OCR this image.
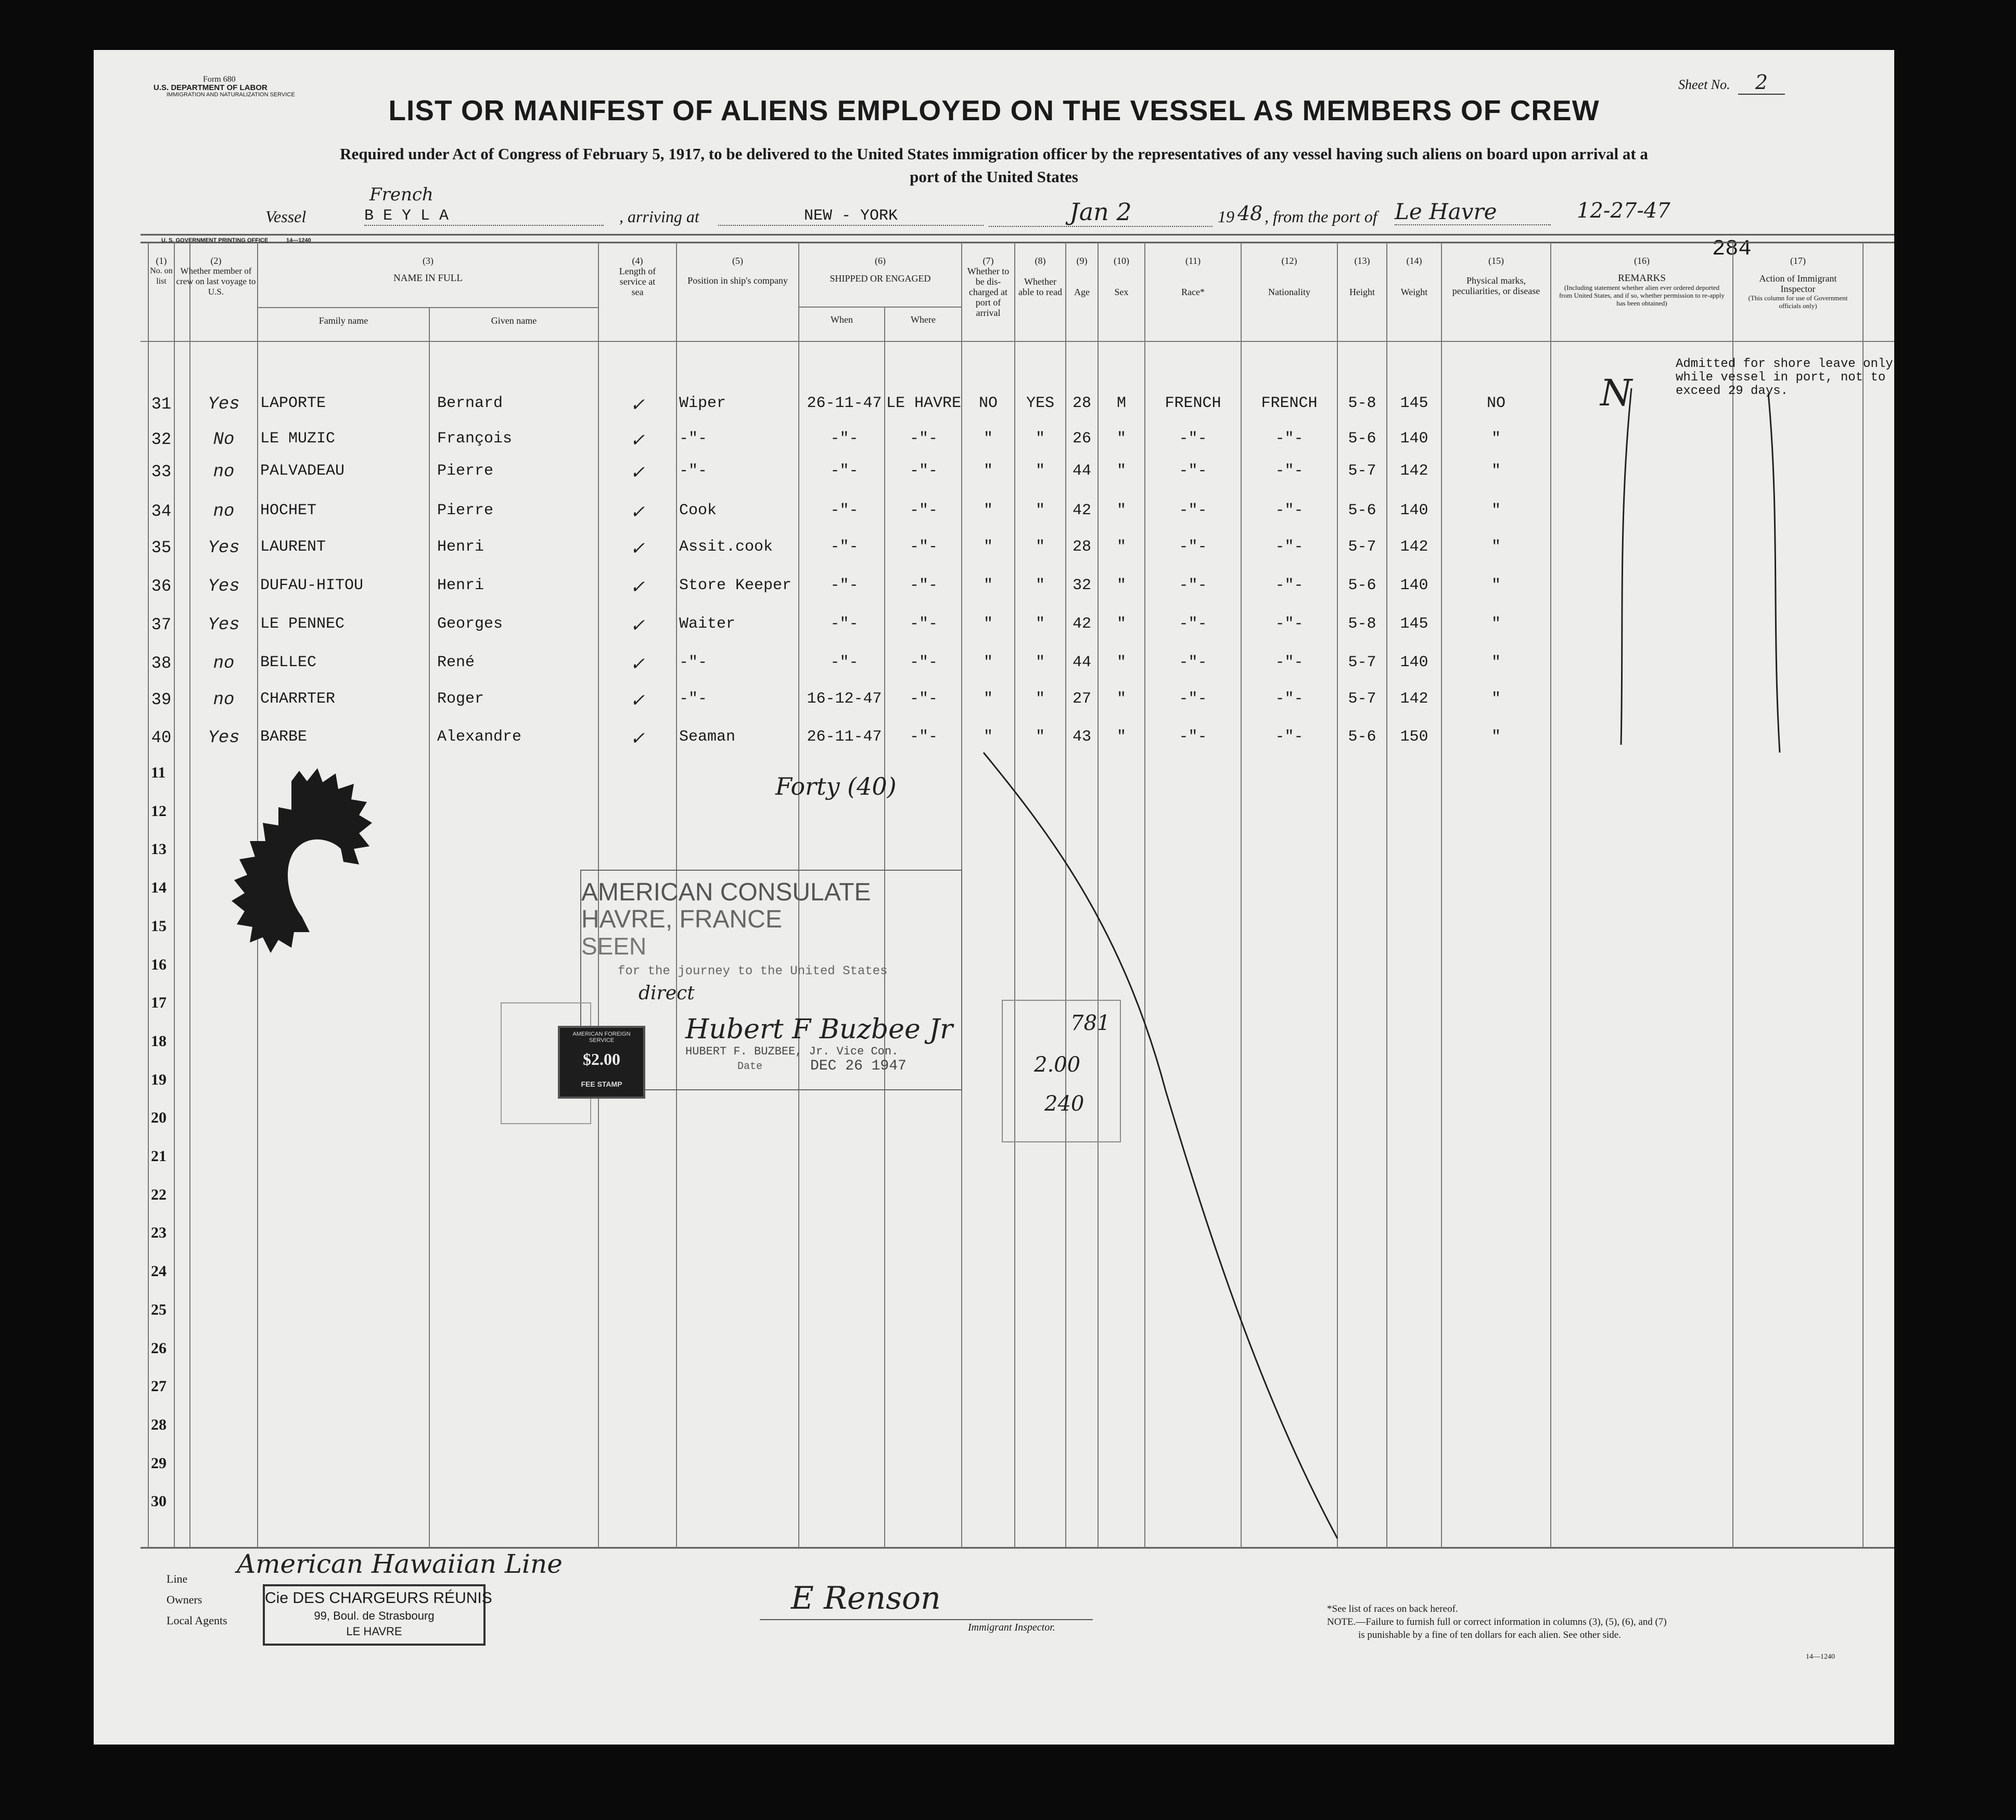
Form 680
U.S. DEPARTMENT OF LABOR
IMMIGRATION AND NATURALIZATION SERVICE
Sheet No.	2
LIST OR MANIFEST OF ALIENS EMPLOYED ON THE VESSEL AS MEMBERS OF CREW
Required under Act of Congress of February 5, 1917, to be delivered to the United States immigration officer by the representatives of any vessel having such aliens on board upon arrival at a
port of the United States
Vessel
French
B E Y L A	, arriving at	NEW - YORK	Jan 2	19 48 , from the port of Le Havre	12-27-47
284
U. S. GOVERNMENT PRINTING OFFICE	14—1240
(1)
No. on list
(2)
Whether member of crew on last voyage to U.S.
(3)
NAME IN FULL
Family name	Given name
(4)
Length of service at sea
(5)
Position in ship's company
(6)
SHIPPED OR ENGAGED
When	Where
(7)
Whether to be dis-charged at port of arrival
(8)
Whether able to read
(9)
Age
(10)
Sex
(11)
Race*
(12)
Nationality
(13)
Height
(14)
Weight
(15)
Physical marks, peculiarities, or disease
(16)
REMARKS
(Including statement whether alien ever ordered deported from United States, and if so, whether permission to re-apply has been obtained)
(17)
Action of Immigrant Inspector
(This column for use of Government officials only)
31	Yes	LAPORTE	Bernard	✓	Wiper	26-11-47 LE HAVRE	NO	YES	28	M	FRENCH	FRENCH	5-8	145	NO
32	No	LE MUZIC	François	✓	-"-	-"-	-"-	"	"	26	"	-"-	-"-	5-6	140	"
33	no	PALVADEAU	Pierre	✓	-"-	-"-	-"-	"	"	44	"	-"-	-"-	5-7	142	"
34	no	HOCHET	Pierre	✓	Cook	-"-	-"-	"	"	42	"	-"-	-"-	5-6	140	"
35	Yes	LAURENT	Henri	✓	Assit.cook	-"-	-"-	"	"	28	"	-"-	-"-	5-7	142	"
36	Yes	DUFAU-HITOU	Henri	✓	Store Keeper	-"-	-"-	"	"	32	"	-"-	-"-	5-6	140	"
37	Yes	LE PENNEC	Georges	✓	Waiter	-"-	-"-	"	"	42	"	-"-	-"-	5-8	145	"
38	no	BELLEC	René	✓	-"-	-"-	-"-	"	"	44	"	-"-	-"-	5-7	140	"
39	no	CHARRTER	Roger	✓	-"-	16-12-47	-"-	"	"	27	"	-"-	-"-	5-7	142	"
40	Yes	BARBE	Alexandre	✓	Seaman	26-11-47	-"-	"	"	43	"	-"-	-"-	5-6	150	"
11
12
13
14
15
16
17
18
19
20
21
22
23
24
25
26
27
28
29
30
N
Admitted for shore leave only
while vessel in port, not to
exceed 29 days.
Forty (40)
AMERICAN CONSULATE
HAVRE, FRANCE
SEEN
for the journey to the United States
direct
Hubert F Buzbee Jr
HUBERT F. BUZBEE, Jr. Vice Con.
Date	DEC 26 1947
AMERICAN FOREIGN SERVICE
$2.00
FEE STAMP
781
2.00
240
Line American Hawaiian Line
Owners
Local Agents
Cie DES CHARGEURS RÉUNIS
99, Boul. de Strasbourg
LE HAVRE
E Renson
Immigrant Inspector.
*See list of races on back hereof.
NOTE.—Failure to furnish full or correct information in columns (3), (5), (6), and (7)
is punishable by a fine of ten dollars for each alien. See other side.
14—1240
